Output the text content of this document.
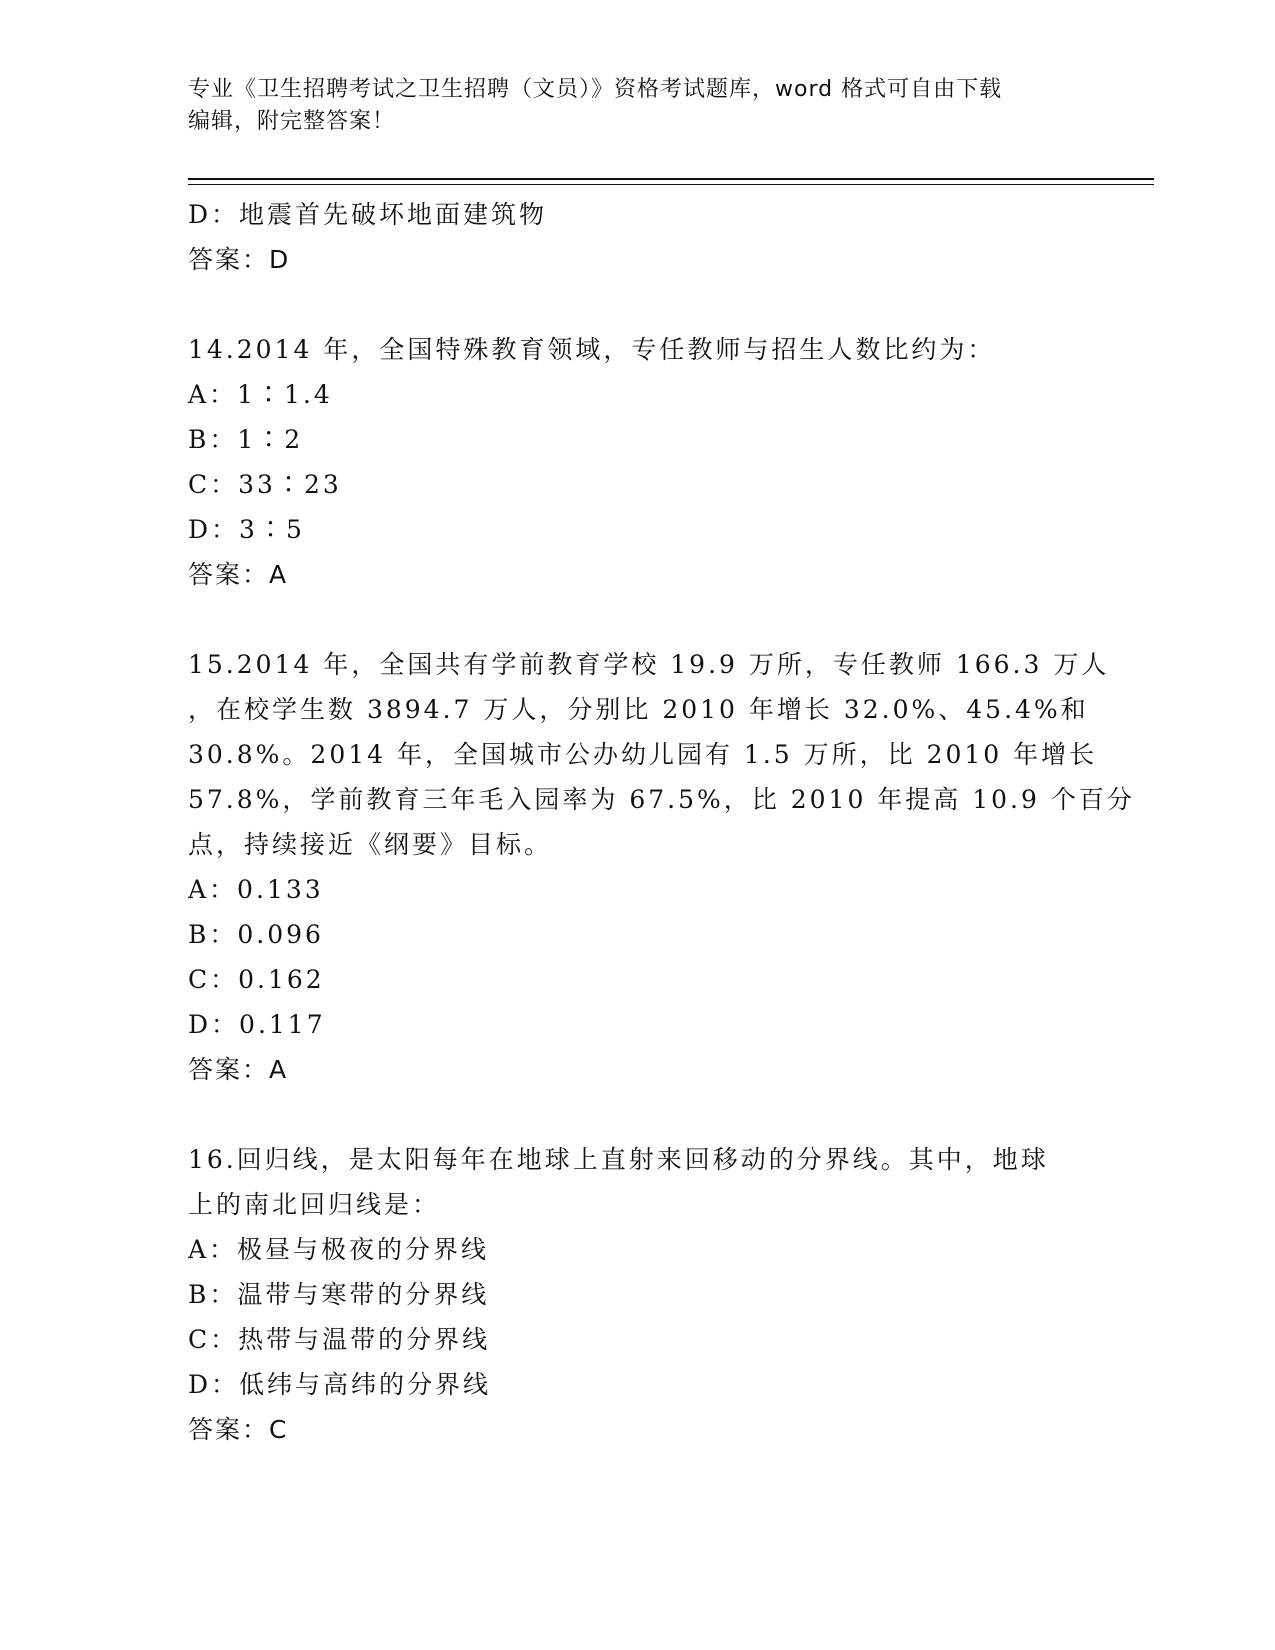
专业《卫生招聘考试之卫生招聘（文员）》资格考试题库，word 格式可自由下载
编辑，附完整答案！
D：地震首先破坏地面建筑物
答案：D
14.2014 年，全国特殊教育领域，专任教师与招生人数比约为：
A：1∶1.4
B：1∶2
C：33∶23
D：3∶5
答案：A
15.2014 年，全国共有学前教育学校 19.9 万所，专任教师 166.3 万人
，在校学生数 3894.7 万人，分别比 2010 年增长 32.0%、45.4%和
30.8%。2014 年，全国城市公办幼儿园有 1.5 万所，比 2010 年增长
57.8%，学前教育三年毛入园率为 67.5%，比 2010 年提高 10.9 个百分
点，持续接近《纲要》目标。
A：0.133
B：0.096
C：0.162
D：0.117
答案：A
16.回归线，是太阳每年在地球上直射来回移动的分界线。其中，地球
上的南北回归线是：
A：极昼与极夜的分界线
B：温带与寒带的分界线
C：热带与温带的分界线
D：低纬与高纬的分界线
答案：C
